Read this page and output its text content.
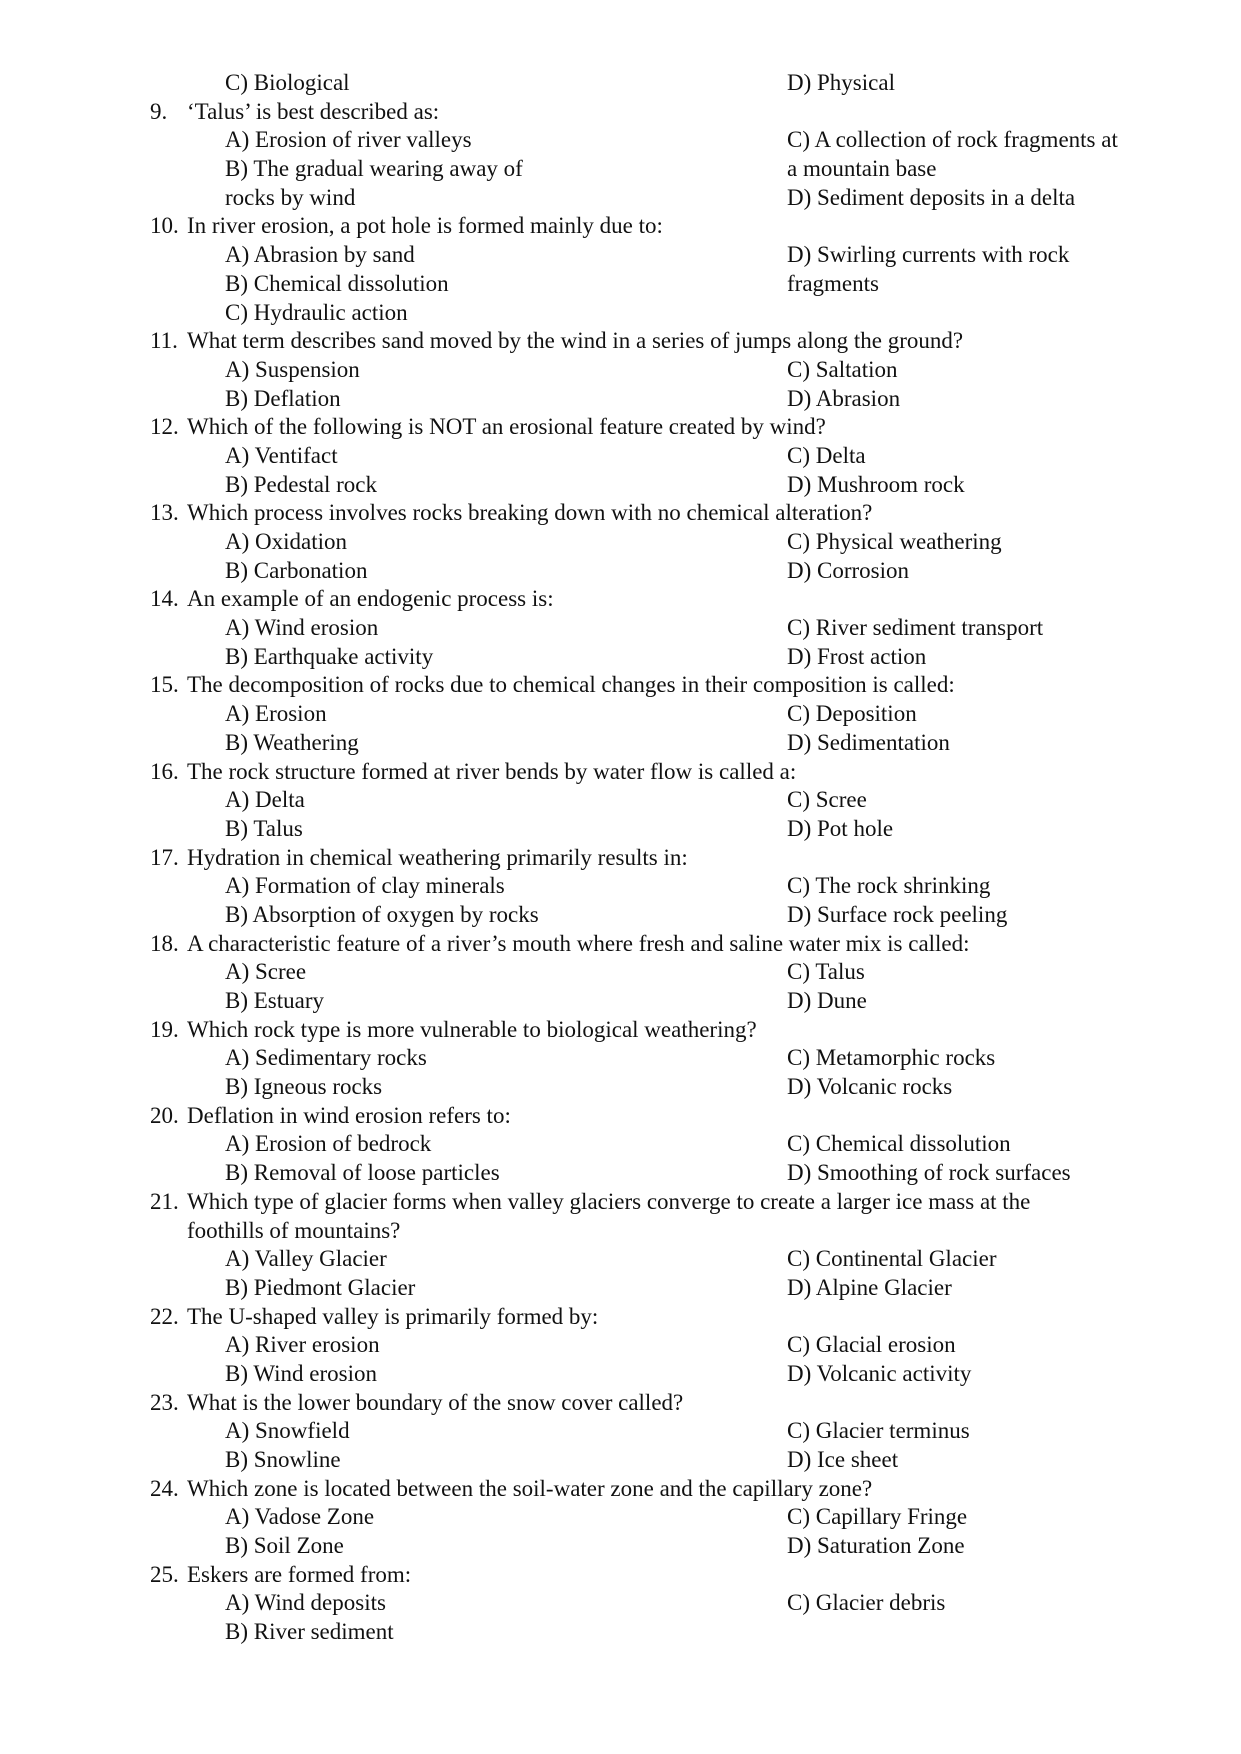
C) Biological	D) Physical
9. ‘Talus’ is best described as:
A) Erosion of river valleys	C) A collection of rock fragments at
B) The gradual wearing away of	a mountain base
rocks by wind	D) Sediment deposits in a delta
10. In river erosion, a pot hole is formed mainly due to:
A) Abrasion by sand	D) Swirling currents with rock
B) Chemical dissolution	fragments
C) Hydraulic action
11. What term describes sand moved by the wind in a series of jumps along the ground?
A) Suspension	C) Saltation
B) Deflation	D) Abrasion
12. Which of the following is NOT an erosional feature created by wind?
A) Ventifact	C) Delta
B) Pedestal rock	D) Mushroom rock
13. Which process involves rocks breaking down with no chemical alteration?
A) Oxidation	C) Physical weathering
B) Carbonation	D) Corrosion
14. An example of an endogenic process is:
A) Wind erosion	C) River sediment transport
B) Earthquake activity	D) Frost action
15. The decomposition of rocks due to chemical changes in their composition is called:
A) Erosion	C) Deposition
B) Weathering	D) Sedimentation
16. The rock structure formed at river bends by water flow is called a:
A) Delta	C) Scree
B) Talus	D) Pot hole
17. Hydration in chemical weathering primarily results in:
A) Formation of clay minerals	C) The rock shrinking
B) Absorption of oxygen by rocks	D) Surface rock peeling
18. A characteristic feature of a river’s mouth where fresh and saline water mix is called:
A) Scree	C) Talus
B) Estuary	D) Dune
19. Which rock type is more vulnerable to biological weathering?
A) Sedimentary rocks	C) Metamorphic rocks
B) Igneous rocks	D) Volcanic rocks
20. Deflation in wind erosion refers to:
A) Erosion of bedrock	C) Chemical dissolution
B) Removal of loose particles	D) Smoothing of rock surfaces
21. Which type of glacier forms when valley glaciers converge to create a larger ice mass at the
foothills of mountains?
A) Valley Glacier	C) Continental Glacier
B) Piedmont Glacier	D) Alpine Glacier
22. The U-shaped valley is primarily formed by:
A) River erosion	C) Glacial erosion
B) Wind erosion	D) Volcanic activity
23. What is the lower boundary of the snow cover called?
A) Snowfield	C) Glacier terminus
B) Snowline	D) Ice sheet
24. Which zone is located between the soil-water zone and the capillary zone?
A) Vadose Zone	C) Capillary Fringe
B) Soil Zone	D) Saturation Zone
25. Eskers are formed from:
A) Wind deposits	C) Glacier debris
B) River sediment
